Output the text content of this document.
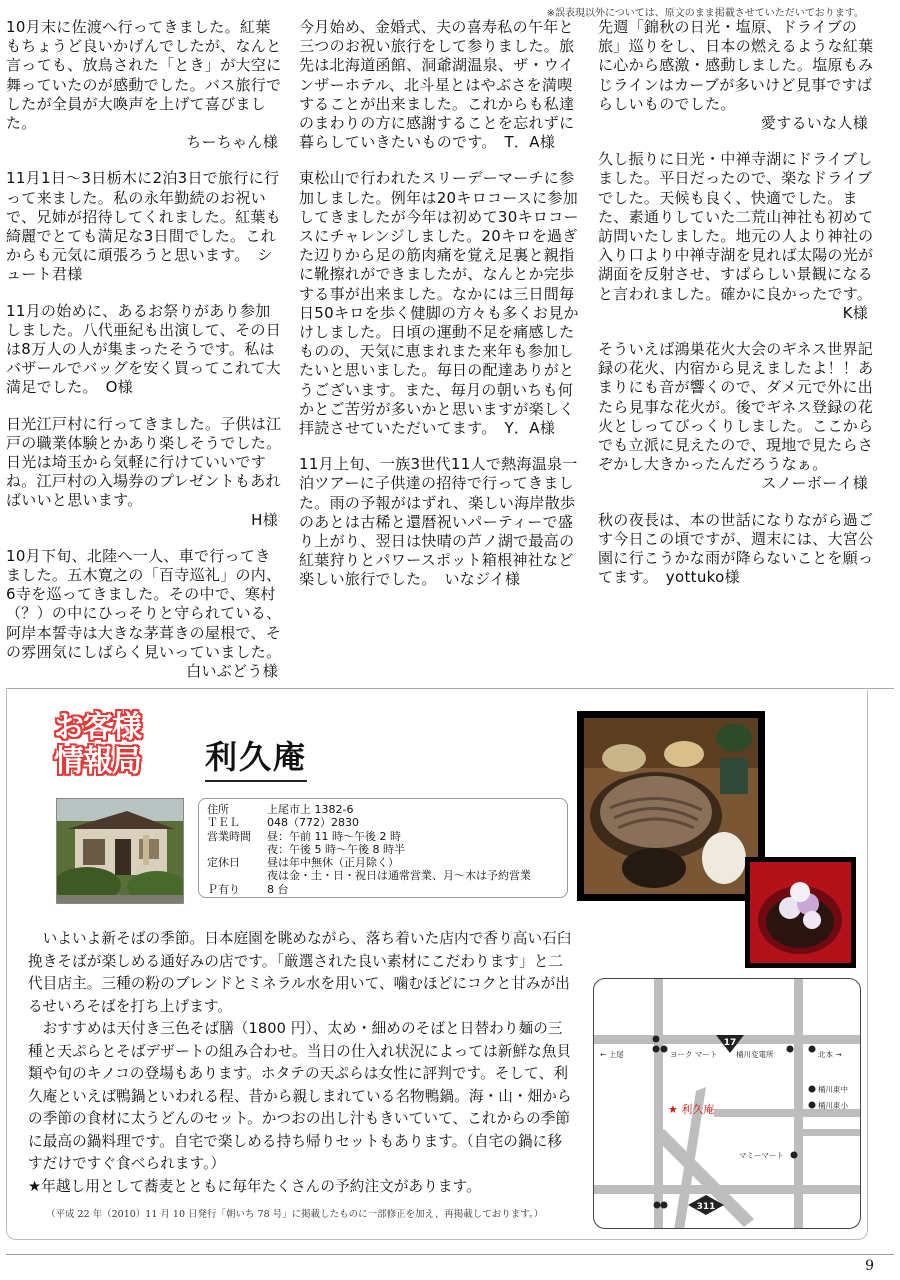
※誤表現以外については、原文のまま掲載させていただいております。
10月末に佐渡へ行ってきました。紅葉もちょうど良いかげんでしたが、なんと言っても、放鳥された「とき」が大空に舞っていたのが感動でした。バス旅行でしたが全員が大喚声を上げて喜びました。
ちーちゃん様
11月1日～3日栃木に2泊3日で旅行に行って来ました。私の永年勤続のお祝いで、兄姉が招待してくれました。紅葉も綺麗でとても満足な3日間でした。これからも元気に頑張ろうと思います。　シュート君様
11月の始めに、あるお祭りがあり参加しました。八代亜紀も出演して、その日は8万人の人が集まったそうです。私はバザールでバッグを安く買ってこれて大満足でした。　O様
日光江戸村に行ってきました。子供は江戸の職業体験とかあり楽しそうでした。日光は埼玉から気軽に行けていいですね。江戸村の入場券のプレゼントもあればいいと思います。
H様
10月下旬、北陸へ一人、車で行ってきました。五木寛之の「百寺巡礼」の内、6寺を巡ってきました。その中で、寒村（？）の中にひっそりと守られている、阿岸本誓寺は大きな茅葺きの屋根で、その雰囲気にしばらく見いっていました。
白いぶどう様
今月始め、金婚式、夫の喜寿私の午年と三つのお祝い旅行をして参りました。旅先は北海道函館、洞爺湖温泉、ザ・ウインザーホテル、北斗星とはやぶさを満喫することが出来ました。これからも私達のまわりの方に感謝することを忘れずに暮らしていきたいものです。　T．A様
東松山で行われたスリーデーマーチに参加しました。例年は20キロコースに参加してきましたが今年は初めて30キロコースにチャレンジしました。20キロを過ぎた辺りから足の筋肉痛を覚え足裏と親指に靴擦れができましたが、なんとか完歩する事が出来ました。なかには三日間毎日50キロを歩く健脚の方々も多くお見かけしました。日頃の運動不足を痛感したものの、天気に恵まれまた来年も参加したいと思いました。毎日の配達ありがとうございます。また、毎月の朝いちも何かとご苦労が多いかと思いますが楽しく拝読させていただいてます。　Y．A様
11月上旬、一族3世代11人で熱海温泉一泊ツアーに子供達の招待で行ってきました。雨の予報がはずれ、楽しい海岸散歩のあとは古稀と還暦祝いパーティーで盛り上がり、翌日は快晴の芦ノ湖で最高の紅葉狩りとパワースポット箱根神社など楽しい旅行でした。　いなジイ様
先週「錦秋の日光・塩原、ドライブの旅」巡りをし、日本の燃えるような紅葉に心から感激・感動しました。塩原もみじラインはカーブが多いけど見事ですばらしいものでした。
愛するいな人様
久し振りに日光・中禅寺湖にドライブしました。平日だったので、楽なドライブでした。天候も良く、快適でした。また、素通りしていた二荒山神社も初めて訪問いたしました。地元の人より神社の入り口より中禅寺湖を見れば太陽の光が湖面を反射させ、すばらしい景観になると言われました。確かに良かったです。
K様
そういえば鴻巣花火大会のギネス世界記録の花火、内宿から見えましたよ！！あまりにも音が響くので、ダメ元で外に出たら見事な花火が。後でギネス登録の花火としってびっくりしました。ここからでも立派に見えたので、現地で見たらさぞかし大きかったんだろうなぁ。
スノーボーイ様
秋の夜長は、本の世話になりながら過ごす今日この頃ですが、週末には、大宮公園に行こうかな雨が降らないことを願ってます。　yottuko様
お客様
情報局	利久庵
住所	上尾市上 1382-6
ＴＥＬ	048（772）2830
営業時間	昼：午前 11 時〜午後 2 時
夜：午後 5 時〜午後 8 時半
定休日	昼は年中無休（正月除く）
夜は金・土・日・祝日は通常営業、月〜木は予約営業
Ｐ有り	8 台

いよいよ新そばの季節。日本庭園を眺めながら、落ち着いた店内で香り高い石臼挽きそばが楽しめる通好みの店です。「厳選された良い素材にこだわります」と二代目店主。三種の粉のブレンドとミネラル水を用いて、噛むほどにコクと甘みが出るせいろそばを打ち上げます。

おすすめは天付き三色そば膳（1800 円）、太め・細めのそばと日替わり麺の三種と天ぷらとそばデザートの組み合わせ。当日の仕入れ状況によっては新鮮な魚貝類や旬のキノコの登場もあります。ホタテの天ぷらは女性に評判です。そして、利久庵といえば鴨鍋といわれる程、昔から親しまれている名物鴨鍋。海・山・畑からの季節の食材に太うどんのセット。かつおの出し汁もきいていて、これからの季節に最高の鍋料理です。自宅で楽しめる持ち帰りセットもあります。（自宅の鍋に移すだけですぐ食べられます。）

★年越し用として蕎麦とともに毎年たくさんの予約注文があります。

（平成 22 年（2010）11 月 10 日発行「朝いち 78 号」に掲載したものに一部修正を加え、再掲載しております。）
17
311
← 上尾	北本 →
ヨーク マート 桶川変電所
桶川東中
桶川東小
マミーマート
★ 利久庵
9
